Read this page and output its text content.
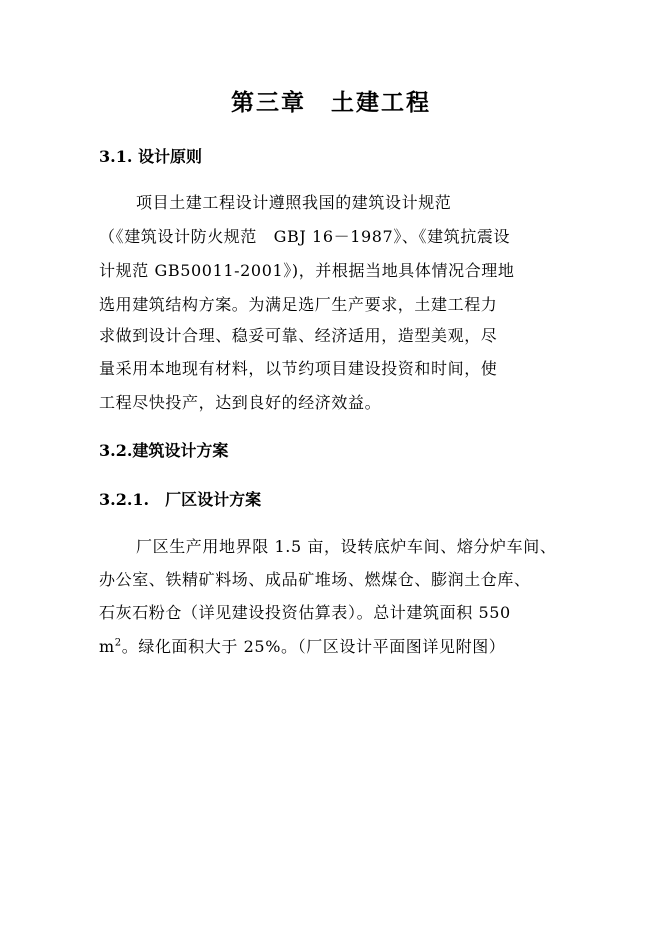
第三章　土建工程
3.1. 设计原则
项目土建工程设计遵照我国的建筑设计规范
（《建筑设计防火规范　GBJ 16－1987》、《建筑抗震设
计规范 GB50011-2001》)，并根据当地具体情况合理地
选用建筑结构方案。为满足选厂生产要求，土建工程力
求做到设计合理、稳妥可靠、经济适用，造型美观，尽
量采用本地现有材料，以节约项目建设投资和时间，使
工程尽快投产，达到良好的经济效益。
3.2.建筑设计方案
3.2.1.　厂区设计方案
厂区生产用地界限 1.5 亩，设转底炉车间、熔分炉车间、
办公室、铁精矿料场、成品矿堆场、燃煤仓、膨润土仓库、
石灰石粉仓（详见建设投资估算表）。总计建筑面积 550
$m^2$。绿化面积大于 25%。（厂区设计平面图详见附图）
